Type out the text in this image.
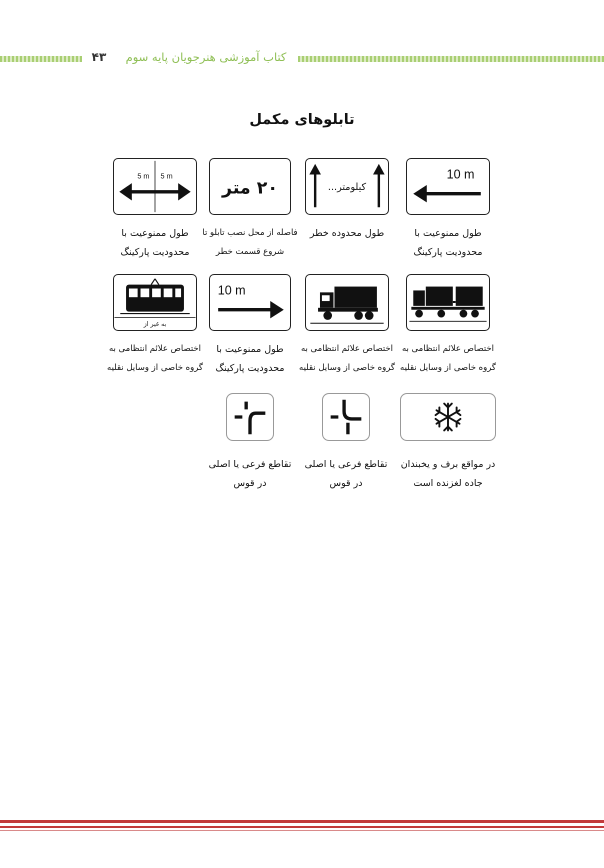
کتاب آموزشی هنرجویان پایه سوم
۴۳
تابلوهای مکمل
10 m
کیلومتر...
۲۰ متر
5 m 5 m
طول ممنوعیت با
محدودیت پارکینگ
طول محدوده خطر
فاصله از محل نصب تابلو تا
شروع قسمت خطر
طول ممنوعیت با
محدودیت پارکینگ
10 m
به غیر از
اختصاص علائم انتظامی به
گروه خاصی از وسایل نقلیه
اختصاص علائم انتظامی به
گروه خاصی از وسایل نقلیه
طول ممنوعیت با
محدودیت پارکینگ
اختصاص علائم انتظامی به
گروه خاصی از وسایل نقلیه
در مواقع برف و یخبندان
جاده لغزنده است
تقاطع فرعی یا اصلی
در قوس
تقاطع فرعی یا اصلی
در قوس
